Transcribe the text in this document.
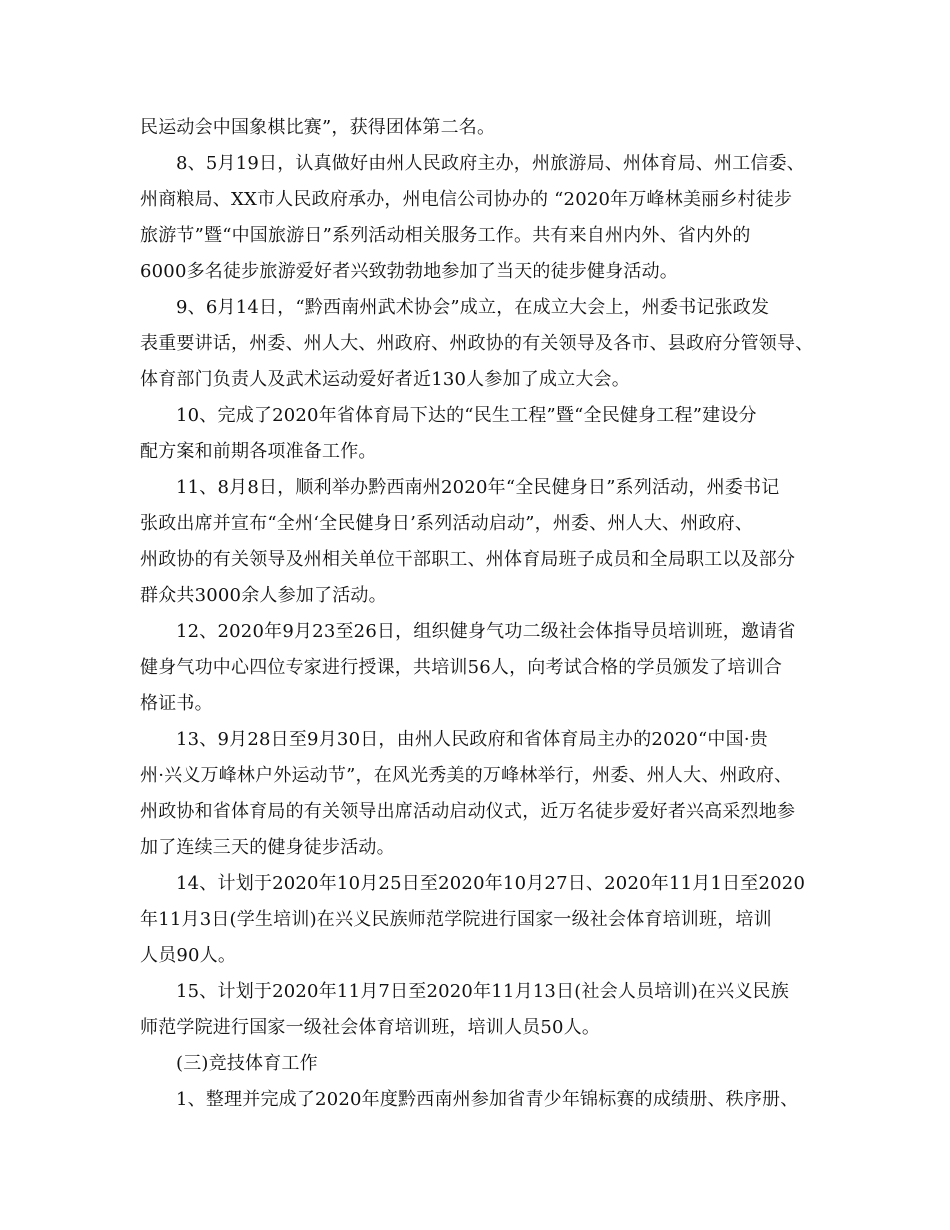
民运动会中国象棋比赛”，获得团体第二名。
8、5月19日，认真做好由州人民政府主办，州旅游局、州体育局、州工信委、
州商粮局、XX市人民政府承办，州电信公司协办的 “2020年万峰林美丽乡村徒步
旅游节”暨“中国旅游日”系列活动相关服务工作。共有来自州内外、省内外的
6000多名徒步旅游爱好者兴致勃勃地参加了当天的徒步健身活动。
9、6月14日，“黔西南州武术协会”成立，在成立大会上，州委书记张政发
表重要讲话，州委、州人大、州政府、州政协的有关领导及各市、县政府分管领导、
体育部门负责人及武术运动爱好者近130人参加了成立大会。
10、完成了2020年省体育局下达的“民生工程”暨“全民健身工程”建设分
配方案和前期各项准备工作。
11、8月8日，顺利举办黔西南州2020年“全民健身日”系列活动，州委书记
张政出席并宣布“全州‘全民健身日’系列活动启动”，州委、州人大、州政府、
州政协的有关领导及州相关单位干部职工、州体育局班子成员和全局职工以及部分
群众共3000余人参加了活动。
12、2020年9月23至26日，组织健身气功二级社会体指导员培训班，邀请省
健身气功中心四位专家进行授课，共培训56人，向考试合格的学员颁发了培训合
格证书。
13、9月28日至9月30日，由州人民政府和省体育局主办的2020“中国·贵
州·兴义万峰林户外运动节”，在风光秀美的万峰林举行，州委、州人大、州政府、
州政协和省体育局的有关领导出席活动启动仪式，近万名徒步爱好者兴高采烈地参
加了连续三天的健身徒步活动。
14、计划于2020年10月25日至2020年10月27日、2020年11月1日至2020
年11月3日(学生培训)在兴义民族师范学院进行国家一级社会体育培训班，培训
人员90人。
15、计划于2020年11月7日至2020年11月13日(社会人员培训)在兴义民族
师范学院进行国家一级社会体育培训班，培训人员50人。
(三)竞技体育工作
1、整理并完成了2020年度黔西南州参加省青少年锦标赛的成绩册、秩序册、
